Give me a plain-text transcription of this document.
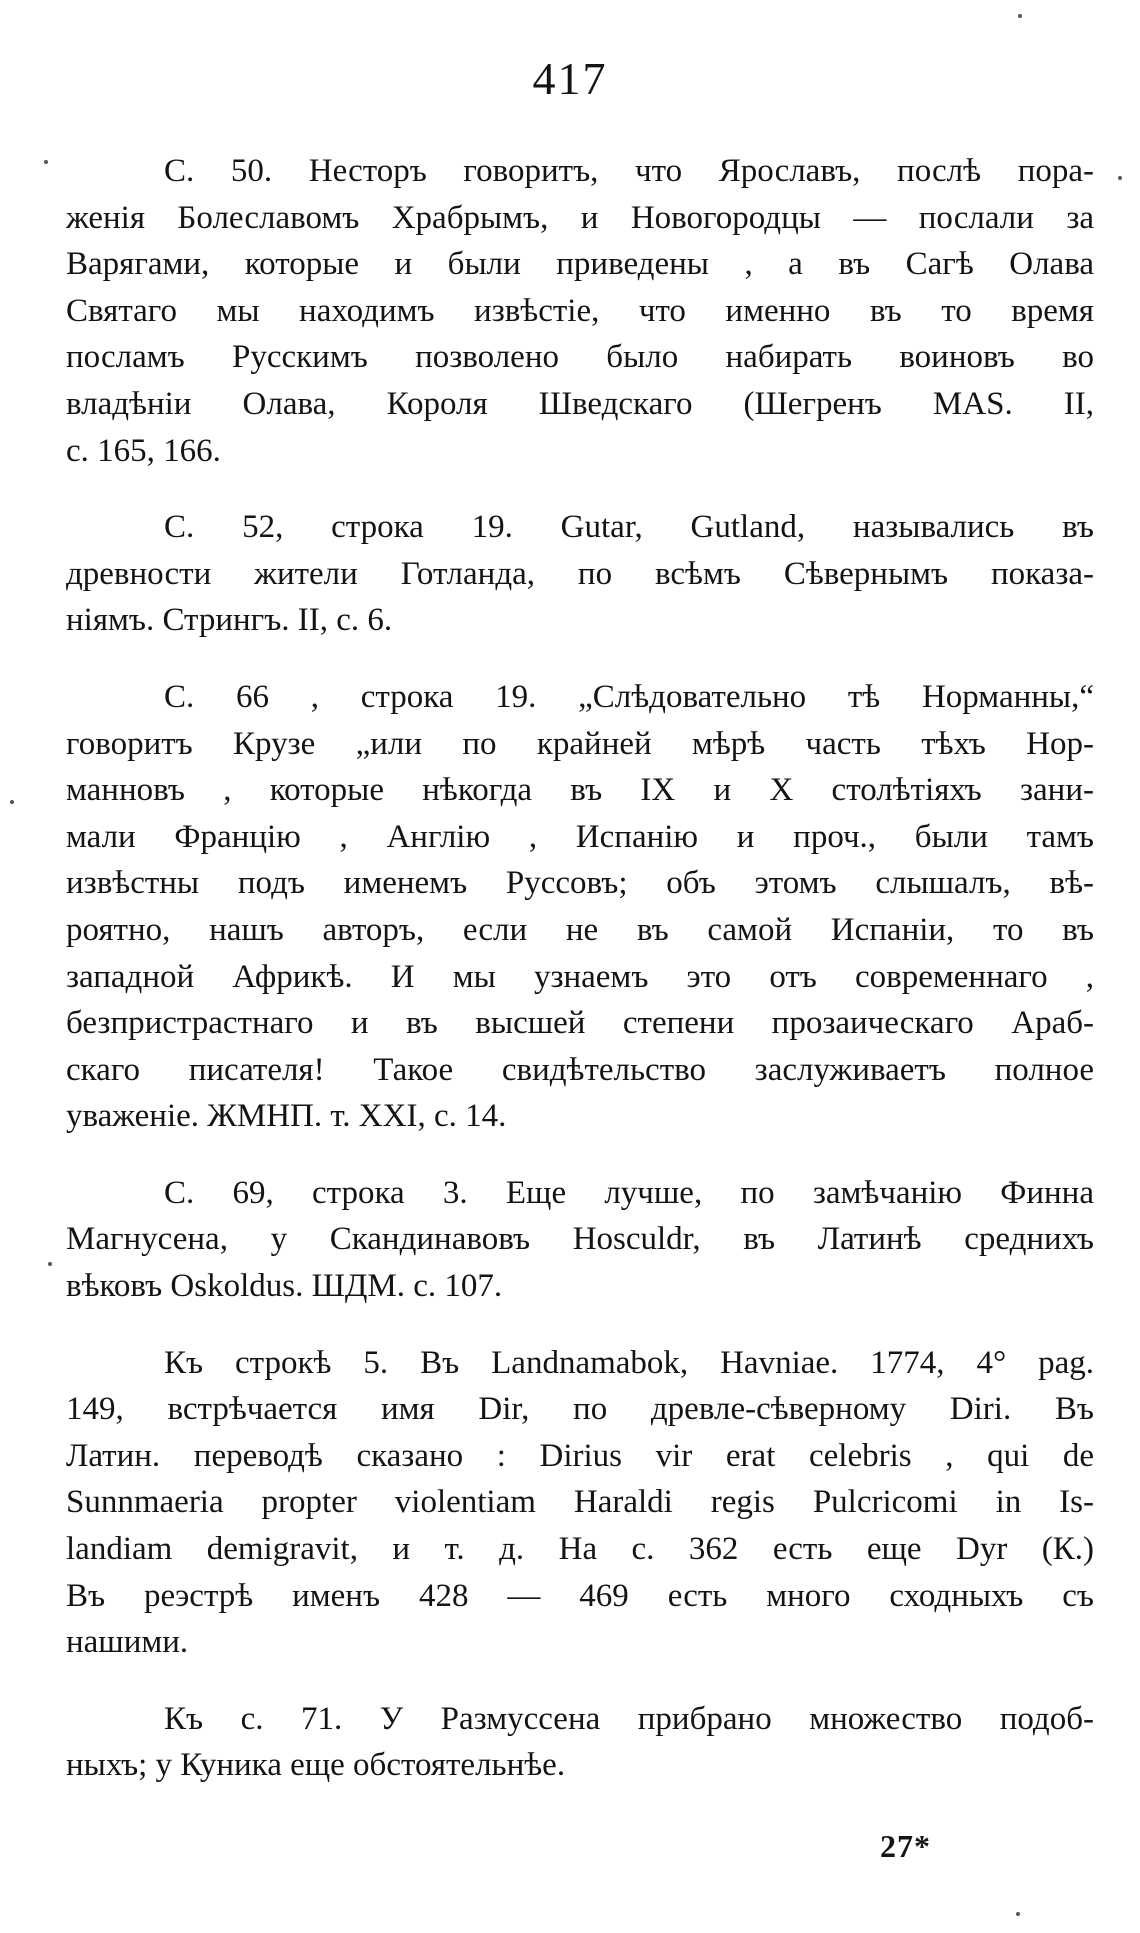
417

С. 50. Несторъ говоритъ, что Ярославъ, послѣ пора-
женія Болеславомъ Храбрымъ, и Новогородцы — послали за
Варягами, которые и были приведены , а въ Сагѣ Олава
Святаго мы находимъ извѣстіе, что именно въ то время
посламъ Русскимъ позволено было набирать воиновъ во
владѣніи Олава, Короля Шведскаго (Шегренъ MAS. II,
с. 165, 166.

С. 52, строка 19. Gutar, Gutland, назывались въ
древности жители Готланда, по всѣмъ Сѣвернымъ показа-
ніямъ. Стрингъ. II, с. 6.

С. 66 , строка 19. „Слѣдовательно тѣ Норманны,“
говоритъ Крузе „или по крайней мѣрѣ часть тѣхъ Нор-
манновъ , которые нѣкогда въ IX и X столѣтіяхъ зани-
мали Францію , Англію , Испанію и проч., были тамъ
извѣстны подъ именемъ Руссовъ; объ этомъ слышалъ, вѣ-
роятно, нашъ авторъ, если не въ самой Испаніи, то въ
западной Африкѣ. И мы узнаемъ это отъ современнаго ,
безпристрастнаго и въ высшей степени прозаическаго Араб-
скаго писателя! Такое свидѣтельство заслуживаетъ полное
уваженіе. ЖМНП. т. XXI, с. 14.

С. 69, строка 3. Еще лучше, по замѣчанію Финна
Магнусена, у Скандинавовъ Hosculdr, въ Латинѣ среднихъ
вѣковъ Oskoldus. ШДМ. с. 107.

Къ строкѣ 5. Въ Landnamabok, Havniae. 1774, 4° pag.
149, встрѣчается имя Dir, по древле-сѣверному Diri. Въ
Латин. переводѣ сказано : Dirius vir erat celebris , qui de
Sunnmaeria propter violentiam Haraldi regis Pulcricomi in Is-
landiam demigravit, и т. д. На с. 362 есть еще Dyr (К.)
Въ реэстрѣ именъ 428 — 469 есть много сходныхъ съ
нашими.

Къ с. 71. У Размуссена прибрано множество подоб-
ныхъ; у Куника еще обстоятельнѣе.

27*
